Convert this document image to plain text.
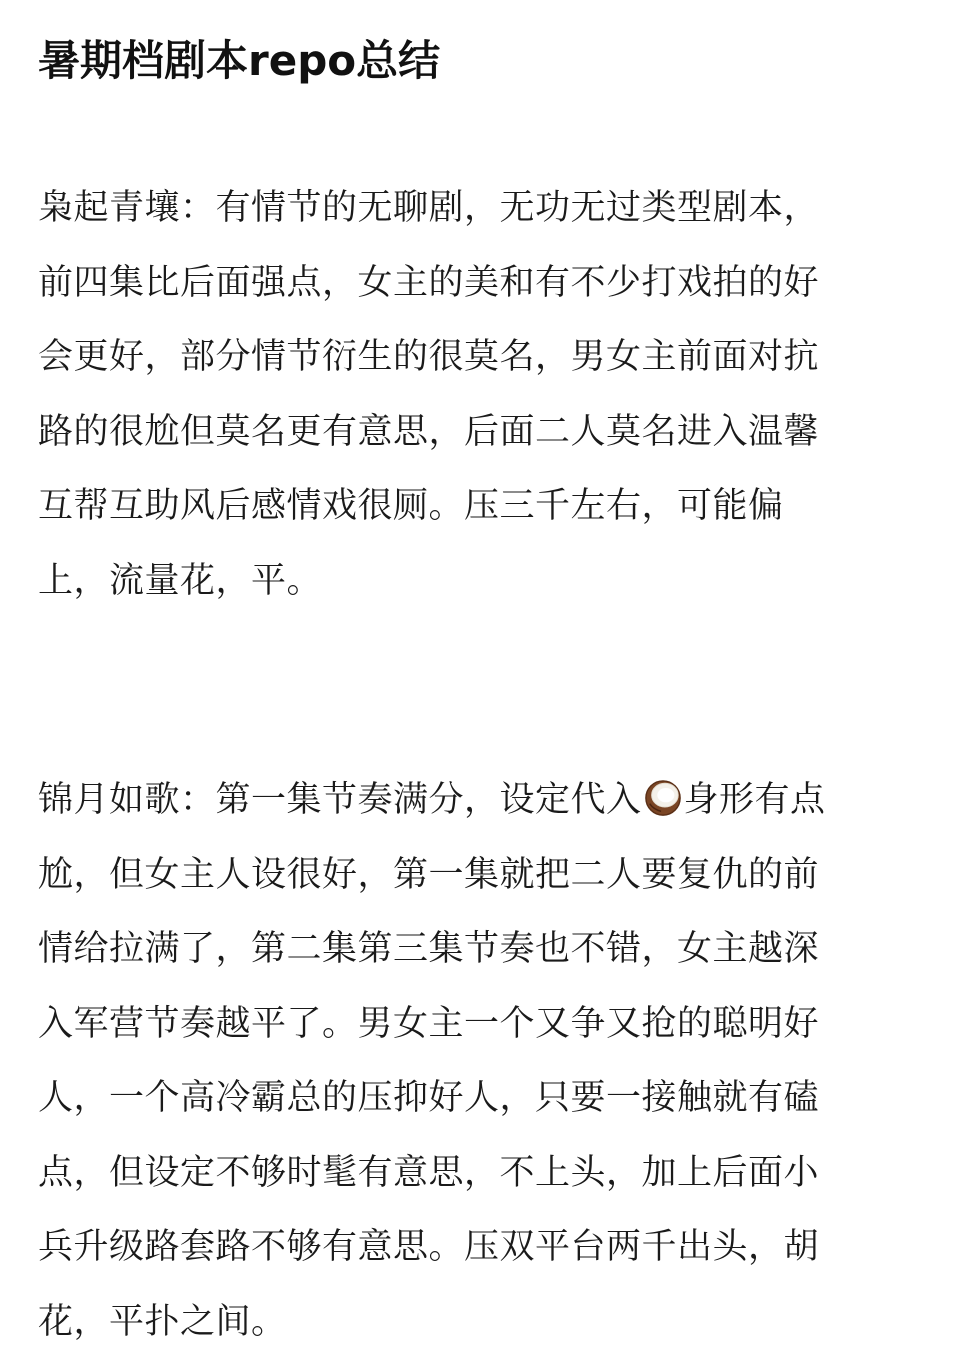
暑期档剧本repo总结

枭起青壤：有情节的无聊剧，无功无过类型剧本，
前四集比后面强点，女主的美和有不少打戏拍的好
会更好，部分情节衍生的很莫名，男女主前面对抗
路的很尬但莫名更有意思，后面二人莫名进入温馨
互帮互助风后感情戏很厕。压三千左右，可能偏
上，流量花，平。

锦月如歌：第一集节奏满分，设定代入 身形有点
尬，但女主人设很好，第一集就把二人要复仇的前
情给拉满了，第二集第三集节奏也不错，女主越深
入军营节奏越平了。男女主一个又争又抢的聪明好
人，一个高冷霸总的压抑好人，只要一接触就有磕
点，但设定不够时髦有意思，不上头，加上后面小
兵升级路套路不够有意思。压双平台两千出头，胡
花，平扑之间。
